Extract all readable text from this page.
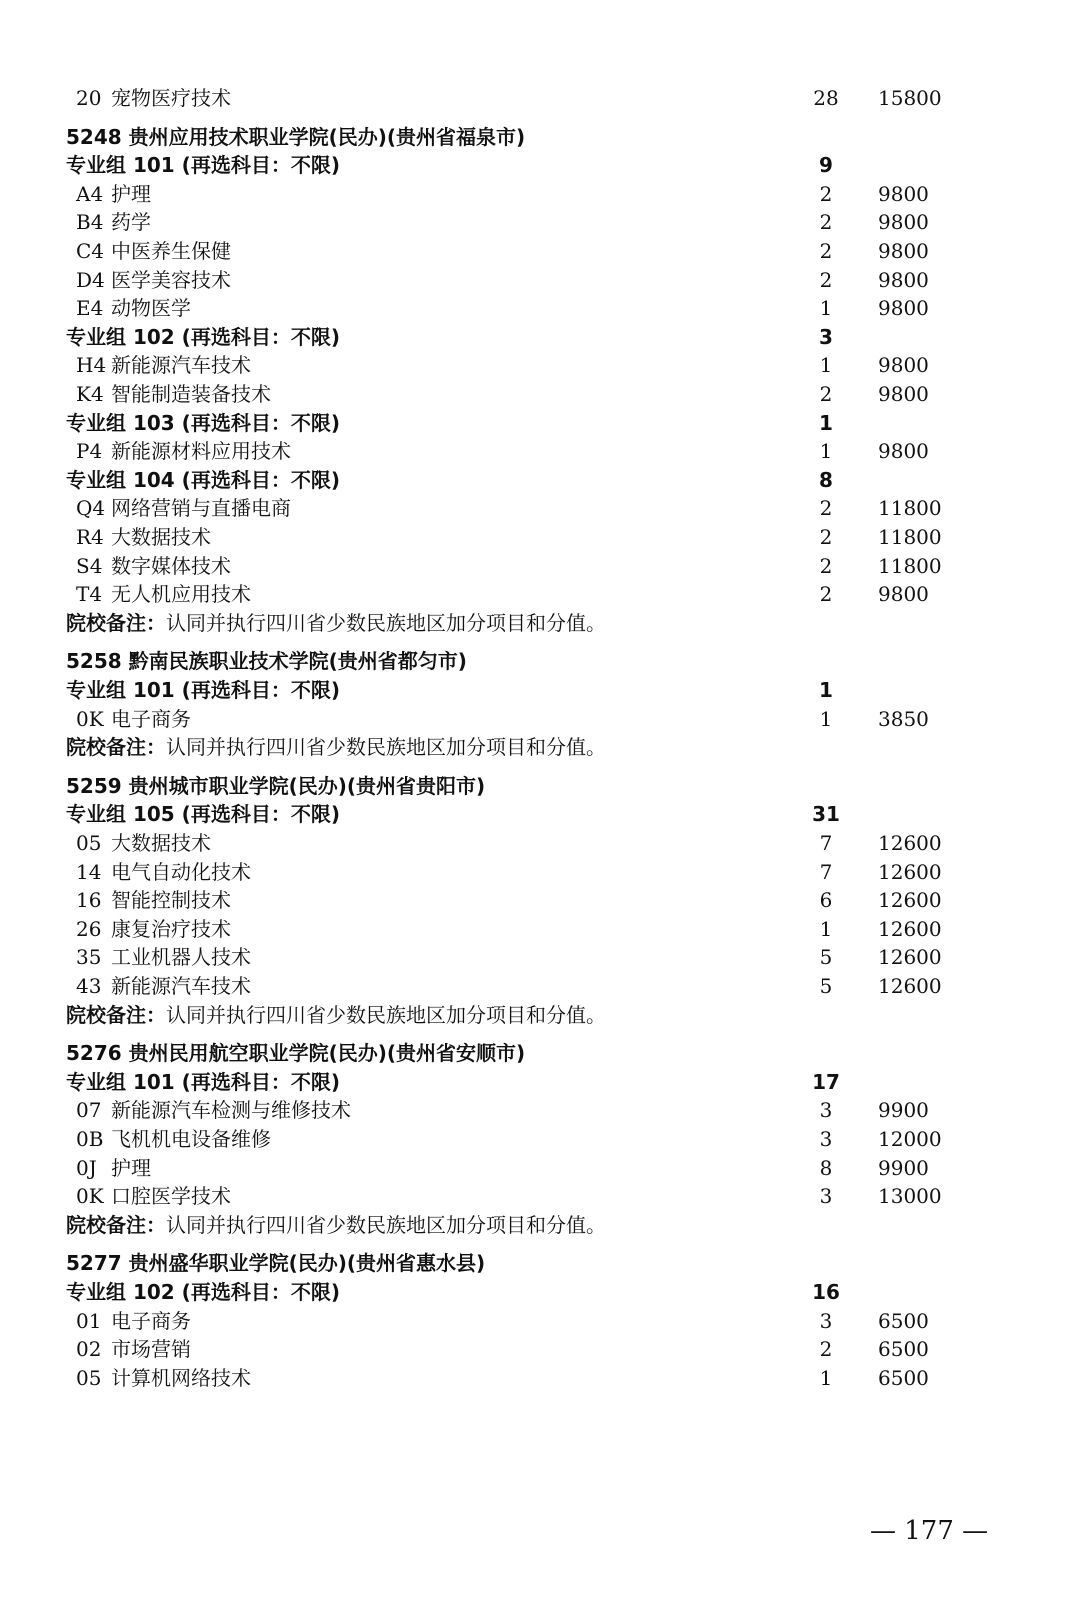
20 宠物医疗技术	28	15800
5248 贵州应用技术职业学院(民办)(贵州省福泉市)
专业组 101 (再选科目：不限)	9
A4 护理	2	9800
B4 药学	2	9800
C4 中医养生保健	2	9800
D4 医学美容技术	2	9800
E4 动物医学	1	9800
专业组 102 (再选科目：不限)	3
H4 新能源汽车技术	1	9800
K4 智能制造装备技术	2	9800
专业组 103 (再选科目：不限)	1
P4 新能源材料应用技术	1	9800
专业组 104 (再选科目：不限)	8
Q4 网络营销与直播电商	2	11800
R4 大数据技术	2	11800
S4 数字媒体技术	2	11800
T4 无人机应用技术	2	9800
院校备注：认同并执行四川省少数民族地区加分项目和分值。
5258 黔南民族职业技术学院(贵州省都匀市)
专业组 101 (再选科目：不限)	1
0K 电子商务	1	3850
院校备注：认同并执行四川省少数民族地区加分项目和分值。
5259 贵州城市职业学院(民办)(贵州省贵阳市)
专业组 105 (再选科目：不限)	31
05 大数据技术	7	12600
14 电气自动化技术	7	12600
16 智能控制技术	6	12600
26 康复治疗技术	1	12600
35 工业机器人技术	5	12600
43 新能源汽车技术	5	12600
院校备注：认同并执行四川省少数民族地区加分项目和分值。
5276 贵州民用航空职业学院(民办)(贵州省安顺市)
专业组 101 (再选科目：不限)	17
07 新能源汽车检测与维修技术	3	9900
0B 飞机机电设备维修	3	12000
0J 护理	8	9900
0K 口腔医学技术	3	13000
院校备注：认同并执行四川省少数民族地区加分项目和分值。
5277 贵州盛华职业学院(民办)(贵州省惠水县)
专业组 102 (再选科目：不限)	16
01 电子商务	3	6500
02 市场营销	2	6500
05 计算机网络技术	1	6500
— 177 —
